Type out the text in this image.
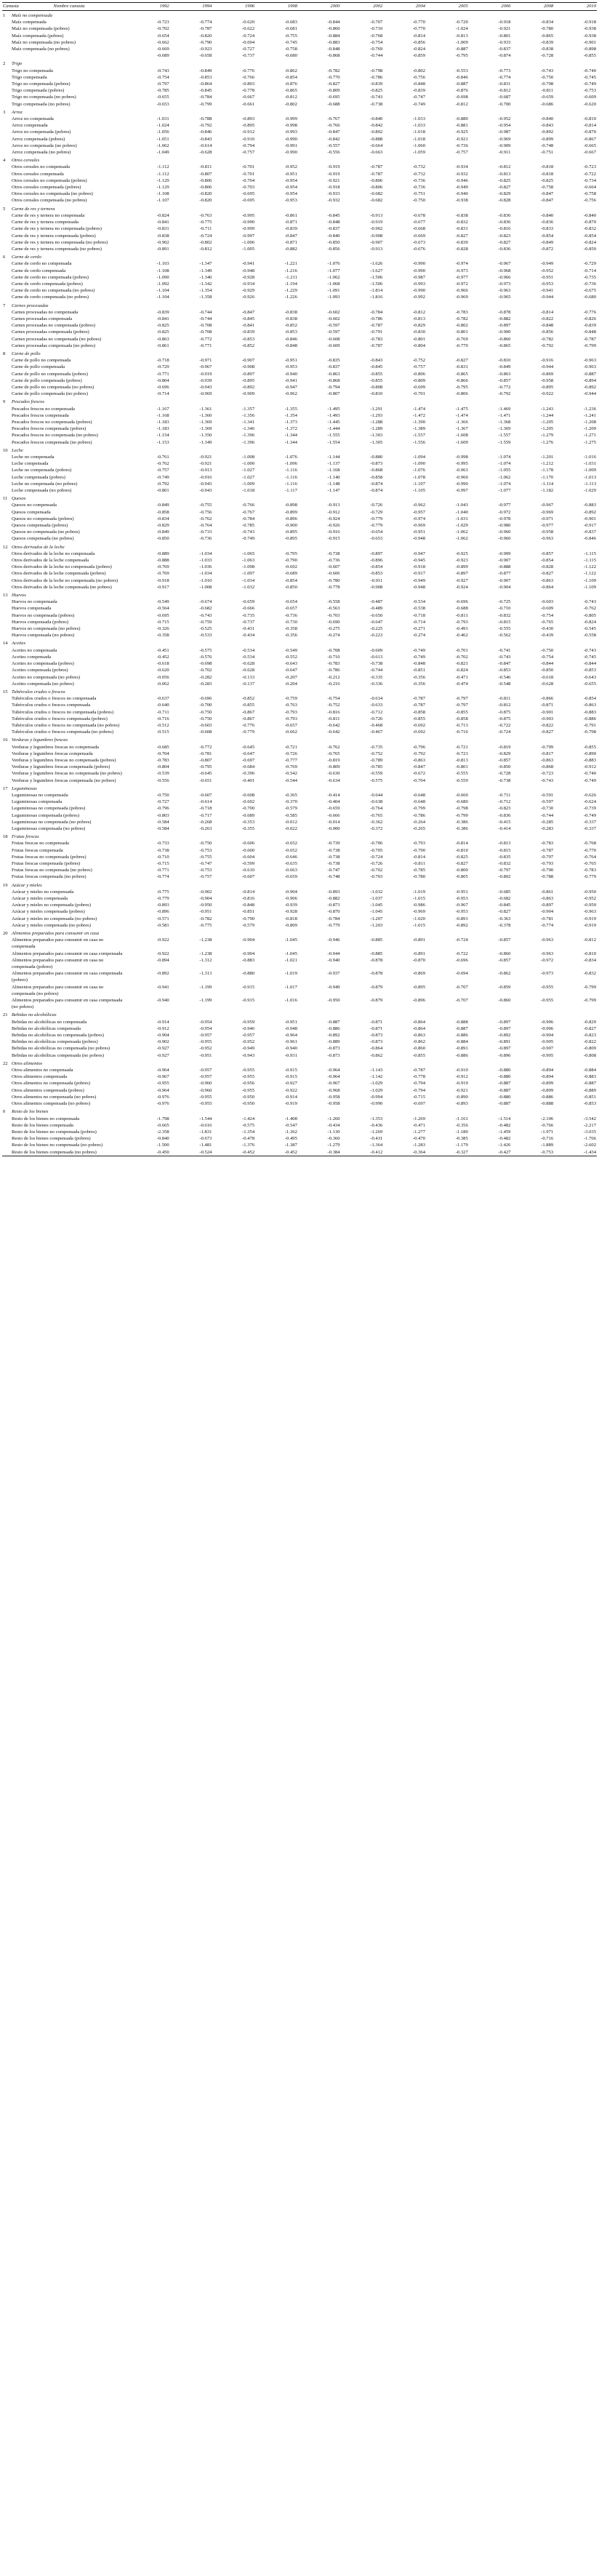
Canasta	Nombre canasta	1992	1994	1996	1998	2000	2002	2004	2005	2006	2008	2010
1	Maíz no compensada											
	Maíz compensada	-0.723	-0.774	-0.620	-0.683	-0.844	-0.707	-0.770	-0.720	-0.918	-0.834	-0.918
	Maíz no compensada (pobres)	-0.702	-0.787	-0.622	-0.681	-0.860	-0.710	-0.770	-1.024	-0.921	-0.780	-0.938
	Maíz compensada (pobres)	-0.654	-0.820	-0.724	-0.755	-0.884	-0.768	-0.814	-0.813	-0.801	-0.865	-0.938
	Maíz no compensada (no pobres)	-0.662	-0.790	-0.694	-0.745	-0.883	-0.754	-0.856	-1.009	-0.933	-0.839	-0.901
	Maíz compensada (no pobres)	-0.669	-0.923	-0.727	-0.758	-0.848	-0.769	-0.824	-0.887	-0.837	-0.838	-0.898
		-0.689	-0.658	-0.737	-0.680	-0.868	-0.744	-0.859	-0.795	-0.874	-0.728	-0.855
2	Trigo											
	Trigo no compensada	-0.743	-0.849	-0.776	-0.862	-0.782	-0.798	-0.802	-0.553	-0.773	-0.743	-0.740
	Trigo compensada	-0.754	-0.853	-0.766	-0.854	-0.770	-0.786	-0.756	-0.846	-0.774	-0.750	-0.745
	Trigo no compensada (pobres)	-0.797	-0.864	-0.803	-0.876	-0.827	-0.839	-0.848	-0.887	-0.831	-0.798	-0.749
	Trigo compensada (pobres)	-0.785	-0.845	-0.778	-0.865	-0.809	-0.825	-0.839	-0.876	-0.812	-0.811	-0.753
	Trigo no compensada (no pobres)	-0.655	-0.784	-0.667	-0.812	-0.695	-0.743	-0.747	-0.698	-0.687	-0.659	-0.609
	Trigo compensada (no pobres)	-0.653	-0.799	-0.661	-0.802	-0.688	-0.738	-0.749	-0.812	-0.700	-0.686	-0.620
3	Arroz											
	Arroz no compensada	-1.031	-0.788	-0.893	-0.999	-0.767	-0.840	-1.033	-0.880	-0.952	-0.840	-0.810
	Arroz compensada	-1.024	-0.792	-0.895	-0.998	-0.766	-0.842	-1.033	-0.881	-0.954	-0.843	-0.814
	Arroz no compensada (pobres)	-1.056	-0.846	-0.912	-0.993	-0.847	-0.892	-1.018	-0.925	-0.987	-0.892	-0.870
	Arroz compensada (pobres)	-1.051	-0.843	-0.910	-0.990	-0.842	-0.888	-1.018	-0.921	-0.969	-0.899	-0.867
	Arroz no compensada (no pobres)	-1.062	-0.614	-0.794	-0.991	-0.557	-0.664	-1.060	-0.736	-0.909	-0.748	-0.665
	Arroz compensada (no pobres)	-1.049	-0.628	-0.757	-0.990	-0.556	-0.663	-1.059	-0.757	-0.911	-0.751	-0.667
4	Otros cereales											
	Otros cereales no compensada	-1.112	-0.811	-0.701	-0.952	-0.919	-0.787	-0.732	-0.934	-0.812	-0.818	-0.723
	Otros cereales compensada	-1.112	-0.807	-0.701	-0.951	-0.919	-0.787	-0.732	-0.932	-0.813	-0.818	-0.722
	Otros cereales no compensada (pobres)	-1.129	-0.806	-0.704	-0.954	-0.921	-0.806	-0.736	-0.946	-0.825	-0.825	-0.734
	Otros cereales compensada (pobres)	-1.129	-0.806	-0.703	-0.954	-0.918	-0.806	-0.736	-0.949	-0.827	-0.758	-0.664
	Otros cereales no compensada (no pobres)	-1.108	-0.820	-0.695	-0.954	-0.933	-0.682	-0.751	-0.940	-0.829	-0.847	-0.758
	Otros cereales compensada (no pobres)	-1.107	-0.820	-0.695	-0.953	-0.932	-0.682	-0.750	-0.938	-0.828	-0.847	-0.756
5	Carne de res y ternera											
	Carne de res y ternera no compensada	-0.824	-0.763	-0.995	-0.861	-0.845	-0.913	-0.678	-0.838	-0.836	-0.840	-0.840
	Carne de res y ternera compensada	-0.841	-0.775	-0.990	-0.871	-0.848	-0.919	-0.677	-0.832	-0.836	-0.836	-0.870
	Carne de res y ternera no compensada (pobres)	-0.831	-0.711	-0.999	-0.839	-0.837	-0.902	-0.668	-0.831	-0.816	-0.833	-0.832
	Carne de res y ternera compensada (pobres)	-0.838	-0.724	-0.997	-0.847	-0.840	-0.908	-0.669	-0.827	-0.823	-0.854	-0.854
	Carne de res y ternera no compensada (no pobres)	-0.902	-0.802	-1.006	-0.871	-0.850	-0.907	-0.673	-0.830	-0.827	-0.849	-0.824
	Carne de res y ternera compensada (no pobres)	-0.891	-0.812	-1.005	-0.882	-0.856	-0.913	-0.676	-0.828	-0.836	-0.872	-0.850
6	Carne de cerdo											
	Carne de cerdo no compensada	-1.103	-1.347	-0.941	-1.221	-1.076	-1.626	-0.990	-0.974	-0.967	-0.949	-0.729
	Carne de cerdo compensada	-1.108	-1.349	-0.948	-1.216	-1.077	-1.627	-0.990	-0.973	-0.968	-0.952	-0.714
	Carne de cerdo no compensada (pobres)	-1.090	-1.340	-0.928	-1.211	-1.062	-1.506	-0.987	-0.977	-0.966	-0.951	-0.735
	Carne de cerdo compensada (pobres)	-1.092	-1.342	-0.934	-1.194	-1.068	-1.506	-0.993	-0.972	-0.973	-0.953	-0.736
	Carne de cerdo no compensada (no pobres)	-1.104	-1.354	-0.929	-1.229	-1.091	-1.814	-0.990	-0.966	-0.963	-0.941	-0.675
	Carne de cerdo compensada (no pobres)	-1.104	-1.358	-0.926	-1.226	-1.093	-1.816	-0.992	-0.969	-0.965	-0.944	-0.680
7	Carnes procesadas											
	Carnes procesadas no compensada	-0.839	-0.744	-0.847	-0.838	-0.602	-0.784	-0.812	-0.783	-0.878	-0.814	-0.776
	Carnes procesadas compensada	-0.841	-0.744	-0.845	-0.838	-0.602	-0.786	-0.813	-0.782	-0.882	-0.822	-0.826
	Carnes procesadas no compensada (pobres)	-0.825	-0.708	-0.841	-0.852	-0.597	-0.787	-0.829	-0.802	-0.897	-0.848	-0.839
	Carnes procesadas compensada (pobres)	-0.825	-0.708	-0.839	-0.853	-0.597	-0.791	-0.830	-0.801	-0.900	-0.856	-0.848
	Carnes procesadas no compensada (no pobres)	-0.863	-0.772	-0.853	-0.846	-0.608	-0.783	-0.801	-0.769	-0.860	-0.782	-0.787
	Carnes procesadas compensada (no pobres)	-0.861	-0.771	-0.852	-0.848	-0.609	-0.787	-0.804	-0.770	-0.865	-0.792	-0.799
8	Carne de pollo											
	Carne de pollo no compensada	-0.718	-0.971	-0.907	-0.951	-0.835	-0.843	-0.752	-0.827	-0.810	-0.916	-0.963
	Carne de pollo compensada	-0.729	-0.967	-0.908	-0.953	-0.837	-0.845	-0.757	-0.831	-0.849	-0.944	-0.963
	Carne de pollo no compensada (pobres)	-0.771	-0.919	-0.897	-0.940	-0.863	-0.855	-0.806	-0.865	-0.863	-0.869	-0.887
	Carne de pollo compensada (pobres)	-0.804	-0.939	-0.895	-0.941	-0.868	-0.855	-0.809	-0.866	-0.857	-0.958	-0.894
	Carne de pollo no compensada (no pobres)	-0.696	-0.943	-0.892	-0.947	-0.794	-0.808	-0.699	-0.795	-0.772	-0.895	-0.892
	Carne de pollo compensada (no pobres)	-0.714	-0.969	-0.909	-0.962	-0.807	-0.810	-0.701	-0.806	-0.792	-0.922	-0.944
9	Pescados frescos											
	Pescados frescos no compensada	-1.167	-1.361	-1.357	-1.355	-1.495	-1.291	-1.474	-1.475	-1.469	-1.243	-1.236
	Pescados frescos compensada	-1.168	-1.360	-1.356	-1.354	-1.493	-1.293	-1.472	-1.474	-1.471	-1.244	-1.241
	Pescados frescos no compensada (pobres)	-1.183	-1.369	-1.341	-1.373	-1.445	-1.288	-1.390	-1.366	-1.368	-1.205	-1.208
	Pescados frescos compensada (pobres)	-1.183	-1.369	-1.346	-1.372	-1.444	-1.289	-1.389	-1.367	-1.369	-1.205	-1.209
	Pescados frescos no compensada (no pobres)	-1.154	-1.350	-1.396	-1.344	-1.555	-1.303	-1.557	-1.608	-1.557	-1.279	-1.271
	Pescados frescos compensada (no pobres)	-1.153	-1.349	-1.396	-1.344	-1.554	-1.305	-1.556	-1.609	-1.559	-1.276	-1.275
10	Leche											
	Leche no compensada	-0.761	-0.921	-1.008	-1.076	-1.144	-0.880	-1.094	-0.998	-1.074	-1.201	-1.016
	Leche compensada	-0.762	-0.921	-1.000	-1.096	-1.137	-0.873	-1.090	-0.995	-1.074	-1.212	-1.031
	Leche no compensada (pobres)	-0.757	-0.913	-1.027	-1.116	-1.168	-0.868	-1.076	-0.963	-1.055	-1.178	-1.009
	Leche compensada (pobres)	-0.749	-0.916	-1.027	-1.116	-1.140	-0.858	-1.078	-0.960	-1.062	-1.170	-1.013
	Leche no compensada (no pobres)	-0.792	-0.943	-1.009	-1.116	-1.148	-0.874	-1.107	-0.990	-1.074	-1.114	-1.113
	Leche compensada (no pobres)	-0.801	-0.943	-1.018	-1.117	-1.147	-0.874	-1.105	-0.997	-1.077	-1.182	-1.029
11	Quesos											
	Quesos no compensada	-0.849	-0.755	-0.766	-0.898	-0.913	-0.726	-0.962	-1.043	-0.977	-0.967	-0.883
	Quesos compensada	-0.858	-0.756	-0.767	-0.899	-0.912	-0.729	-0.957	-1.040	-0.972	-0.969	-0.892
	Quesos no compensada (pobres)	-0.834	-0.762	-0.784	-0.896	-0.924	-0.779	-0.974	-1.031	-0.978	-0.971	-0.901
	Quesos compensada (pobres)	-0.829	-0.764	-0.785	-0.900	-0.926	-0.779	-0.969	-1.029	-0.980	-0.977	-0.917
	Quesos no compensada (no pobres)	-0.849	-0.733	-0.743	-0.895	-0.916	-0.654	-0.951	-1.062	-0.960	-0.958	-0.837
	Quesos compensada (no pobres)	-0.850	-0.736	-0.749	-0.895	-0.915	-0.653	-0.948	-1.062	-0.960	-0.963	-0.846
12	Otros derivados de la leche											
	Otros derivados de la leche no compensada	-0.889	-1.034	-1.065	-0.795	-0.738	-0.897	-0.947	-0.925	-0.909	-0.857	-1.115
	Otros derivados de la leche compensada	-0.888	-1.033	-1.063	-0.790	-0.736	-0.896	-0.945	-0.923	-0.907	-0.854	-1.115
	Otros derivados de la leche no compensada (pobres)	-0.769	-1.036	-1.098	-0.692	-0.607	-0.854	-0.918	-0.899	-0.888	-0.828	-1.122
	Otros derivados de la leche compensada (pobres)	-0.769	-1.034	-1.097	-0.689	-0.606	-0.853	-0.917	-0.897	-0.877	-0.827	-1.122
	Otros derivados de la leche no compensada (no pobres)	-0.918	-1.010	-1.034	-0.854	-0.780	-0.911	-0.949	-0.927	-0.907	-0.863	-1.109
	Otros derivados de la leche compensada (no pobres)	-0.917	-1.008	-1.032	-0.850	-0.778	-0.908	-0.948	-0.924	-0.904	-0.864	-1.109
13	Huevos											
	Huevos no compensada	-0.549	-0.674	-0.659	-0.654	-0.558	-0.487	-0.534	-0.696	-0.725	-0.603	-0.743
	Huevos compensada	-0.564	-0.682	-0.666	-0.657	-0.563	-0.489	-0.538	-0.688	-0.710	-0.609	-0.762
	Huevos no compensada (pobres)	-0.695	-0.743	-0.735	-0.736	-0.703	-0.650	-0.718	-0.811	-0.832	-0.754	-0.805
	Huevos compensada (pobres)	-0.715	-0.759	-0.737	-0.730	-0.690	-0.647	-0.714	-0.793	-0.815	-0.765	-0.824
	Huevos no compensada (no pobres)	-0.326	-0.525	-0.431	-0.358	-0.275	-0.225	-0.271	-0.491	-0.555	-0.430	-0.545
	Huevos compensada (no pobres)	-0.358	-0.533	-0.434	-0.356	-0.274	-0.223	-0.274	-0.462	-0.562	-0.439	-0.558
14	Aceites											
	Aceites no compensada	-0.451	-0.575	-0.534	-0.549	-0.708	-0.609	-0.749	-0.701	-0.741	-0.750	-0.743
	Aceites compensada	-0.452	-0.576	-0.534	-0.552	-0.710	-0.613	-0.749	-0.702	-0.743	-0.754	-0.745
	Aceites no compensada (pobres)	-0.618	-0.698	-0.628	-0.643	-0.783	-0.738	-0.848	-0.821	-0.847	-0.844	-0.844
	Aceites compensada (pobres)	-0.620	-0.702	-0.628	-0.647	-0.786	-0.744	-0.851	-0.824	-0.853	-0.850	-0.853
	Aceites no compensada (no pobres)	-0.056	-0.282	-0.133	-0.207	-0.212	-0.335	-0.356	-0.471	-0.546	-0.618	-0.643
	Aceites compensada (no pobres)	-0.062	-0.283	-0.137	-0.204	-0.216	-0.336	-0.356	-0.474	-0.548	-0.628	-0.655
15	Tubérculos crudos o frescos											
	Tubérculos crudos o frescos no compensada	-0.637	-0.696	-0.852	-0.759	-0.754	-0.634	-0.787	-0.797	-0.811	-0.866	-0.854
	Tubérculos crudos o frescos compensada	-0.640	-0.700	-0.855	-0.763	-0.752	-0.633	-0.787	-0.797	-0.812	-0.871	-0.863
	Tubérculos crudos o frescos no compensada (pobres)	-0.711	-0.750	-0.867	-0.793	-0.816	-0.712	-0.858	-0.855	-0.875	-0.901	-0.883
	Tubérculos crudos o frescos compensada (pobres)	-0.716	-0.750	-0.867	-0.793	-0.811	-0.726	-0.855	-0.858	-0.875	-0.903	-0.886
	Tubérculos crudos o frescos no compensada (no pobres)	-0.512	-0.603	-0.776	-0.657	-0.642	-0.468	-0.692	-0.713	-0.722	-0.822	-0.791
	Tubérculos crudos o frescos compensada (no pobres)	-0.515	-0.608	-0.779	-0.662	-0.642	-0.467	-0.692	-0.716	-0.724	-0.827	-0.798
16	Verduras y legumbres frescas											
	Verduras y legumbres frescas no compensada	-0.685	-0.772	-0.645	-0.721	-0.762	-0.735	-0.796	-0.721	-0.819	-0.799	-0.855
	Verduras y legumbres frescas compensada	-0.704	-0.781	-0.647	-0.726	-0.765	-0.752	-0.792	-0.723	-0.829	-0.817	-0.890
	Verduras y legumbres frescas no compensada (pobres)	-0.783	-0.807	-0.697	-0.777	-0.819	-0.789	-0.863	-0.813	-0.857	-0.863	-0.883
	Verduras y legumbres frescas compensada (pobres)	-0.804	-0.795	-0.684	-0.769	-0.809	-0.785	-0.847	-0.801	-0.850	-0.868	-0.912
	Verduras y legumbres frescas no compensada (no pobres)	-0.539	-0.645	-0.396	-0.542	-0.630	-0.559	-0.672	-0.555	-0.728	-0.723	-0.740
	Verduras y legumbres frescas compensada (no pobres)	-0.556	-0.651	-0.401	-0.544	-0.634	-0.575	-0.704	-0.559	-0.738	-0.743	-0.749
17	Leguminosas											
	Leguminosas no compensada	-0.750	-0.607	-0.608	-0.365	-0.414	-0.644	-0.648	-0.660	-0.711	-0.591	-0.626
	Leguminosas compensada	-0.727	-0.614	-0.602	-0.370	-0.404	-0.638	-0.648	-0.680	-0.712	-0.597	-0.624
	Leguminosas no compensada (pobres)	-0.796	-0.718	-0.700	-0.579	-0.659	-0.764	-0.799	-0.798	-0.823	-0.730	-0.739
	Leguminosas compensada (pobres)	-0.803	-0.717	-0.689	-0.585	-0.666	-0.765	-0.786	-0.799	-0.836	-0.744	-0.749
	Leguminosas no compensada (no pobres)	-0.584	-0.268	-0.353	-0.012	-0.014	-0.362	-0.264	-0.386	-0.415	-0.285	-0.337
	Leguminosas compensada (no pobres)	-0.584	-0.263	-0.355	-0.022	-0.000	-0.372	-0.265	-0.386	-0.414	-0.283	-0.337
18	Frutas frescas											
	Frutas frescas no compensada	-0.733	-0.750	-0.606	-0.652	-0.739	-0.706	-0.793	-0.814	-0.813	-0.783	-0.768
	Frutas frescas compensada	-0.738	-0.753	-0.600	-0.652	-0.738	-0.705	-0.790	-0.810	-0.815	-0.787	-0.770
	Frutas frescas no compensada (pobres)	-0.710	-0.755	-0.604	-0.646	-0.738	-0.724	-0.814	-0.825	-0.835	-0.797	-0.764
	Frutas frescas compensada (pobres)	-0.715	-0.747	-0.599	-0.635	-0.738	-0.726	-0.811	-0.827	-0.832	-0.793	-0.765
	Frutas frescas no compensada (no pobres)	-0.771	-0.753	-0.610	-0.663	-0.747	-0.702	-0.785	-0.800	-0.797	-0.790	-0.783
	Frutas frescas compensada (no pobres)	-0.774	-0.757	-0.607	-0.659	-0.748	-0.703	-0.780	-0.805	-0.802	-0.788	-0.779
19	Azúcar y mieles											
	Azúcar y mieles no compensada	-0.775	-0.902	-0.814	-0.904	-0.893	-1.032	-1.019	-0.951	-0.685	-0.861	-0.950
	Azúcar y mieles compensada	-0.779	-0.904	-0.816	-0.906	-0.882	-1.037	-1.015	-0.953	-0.682	-0.863	-0.952
	Azúcar y mieles no compensada (pobres)	-0.893	-0.950	-0.848	-0.939	-0.873	-1.045	-0.986	-0.967	-0.845	-0.897	-0.950
	Azúcar y mieles compensada (pobres)	-0.896	-0.951	-0.851	-0.928	-0.870	-1.045	-0.969	-0.953	-0.827	-0.904	-0.963
	Azúcar y mieles no compensada (no pobres)	-0.571	-0.782	-0.790	-0.818	-0.784	-1.207	-1.020	-0.891	-0.363	-0.781	-0.919
	Azúcar y mieles compensada (no pobres)	-0.581	-0.775	-0.579	-0.809	-0.779	-1.203	-1.015	-0.892	-0.378	-0.774	-0.919
20	Alimentos preparados para consumir en casa											
	Alimentos preparados para consumir en casa no compensada	-0.922	-1.238	-0.904	-1.045	-0.946	-0.885	-0.891	-0.724	-0.857	-0.963	-0.812
	Alimentos preparados para consumir en casa compensada	-0.922	-1.238	-0.904	-1.045	-0.944	-0.885	-0.891	-0.722	-0.860	-0.963	-0.810
	Alimentos preparados para consumir en casa no compensada (pobres)	-0.894	-1.312	-0.883	-1.021	-0.940	-0.878	-0.870	-0.696	-0.857	-0.972	-0.834
	Alimentos preparados para consumir en casa compensada (pobres)	-0.892	-1.313	-0.880	-1.019	-0.937	-0.878	-0.869	-0.694	-0.862	-0.973	-0.832
	Alimentos preparados para consumir en casa no compensada (no pobres)	-0.941	-1.199	-0.915	-1.017	-0.949	-0.879	-0.895	-0.707	-0.859	-0.955	-0.799
	Alimentos preparados para consumir en casa compensada (no pobres)	-0.940	-1.199	-0.915	-1.016	-0.950	-0.879	-0.896	-0.707	-0.860	-0.955	-0.799
21	Bebidas no alcohólicas											
	Bebidas no alcohólicas no compensada	-0.914	-0.954	-0.959	-0.951	-0.887	-0.871	-0.864	-0.888	-0.897	-0.906	-0.829
	Bebidas no alcohólicas compensada	-0.912	-0.954	-0.946	-0.948	-0.886	-0.871	-0.864	-0.887	-0.897	-0.906	-0.827
	Bebidas no alcohólicas no compensada (pobres)	-0.904	-0.957	-0.957	-0.964	-0.892	-0.873	-0.863	-0.886	-0.892	-0.904	-0.823
	Bebidas no alcohólicas compensada (pobres)	-0.902	-0.955	-0.952	-0.961	-0.889	-0.873	-0.862	-0.884	-0.891	-0.905	-0.822
	Bebidas no alcohólicas no compensada (no pobres)	-0.927	-0.952	-0.949	-0.940	-0.873	-0.864	-0.860	-0.891	-0.897	-0.907	-0.809
	Bebidas no alcohólicas compensada (no pobres)	-0.927	-0.951	-0.943	-0.931	-0.873	-0.862	-0.855	-0.886	-0.896	-0.905	-0.808
22	Otros alimentos											
	Otros alimentos no compensada	-0.964	-0.957	-0.955	-0.915	-0.964	-1.143	-0.787	-0.910	-0.880	-0.894	-0.884
	Otros alimentos compensada	-0.967	-0.957	-0.955	-0.915	-0.964	-1.142	-0.778	-0.912	-0.880	-0.894	-0.883
	Otros alimentos no compensada (pobres)	-0.955	-0.960	-0.956	-0.927	-0.967	-1.029	-0.794	-0.919	-0.887	-0.899	-0.887
	Otros alimentos compensada (pobres)	-0.964	-0.960	-0.955	-0.922	-0.968	-1.029	-0.794	-0.921	-0.887	-0.899	-0.889
	Otros alimentos no compensada (no pobres)	-0.976	-0.955	-0.950	-0.914	-0.958	-0.994	-0.715	-0.890	-0.880	-0.886	-0.851
	Otros alimentos compensada (no pobres)	-0.976	-0.955	-0.950	-0.919	-0.958	-0.990	-0.697	-0.893	-0.887	-0.888	-0.853
0	Resto de los bienes											
	Resto de los bienes no compensada	-1.798	-1.544	-1.424	-1.408	-1.260	-1.353	-1.269	-1.161	-1.514	-2.106	-3.542
	Resto de los bienes compensada	-0.665	-0.616	-0.575	-0.547	-0.434	-0.436	-0.471	-0.356	-0.482	-0.766	-2.217
	Resto de los bienes no compensada (pobres)	-2.358	-1.831	-1.354	-1.362	-1.130	-1.269	-1.277	-1.180	-1.459	-1.971	-3.035
	Resto de los bienes compensada (pobres)	-0.840	-0.673	-0.478	-0.495	-0.360	-0.431	-0.470	-0.385	-0.482	-0.716	-1.766
	Resto de los bienes no compensada (no pobres)	-1.500	-1.481	-1.376	-1.387	-1.279	-1.364	-1.283	-1.179	-1.426	-1.889	-2.602
	Resto de los bienes compensada (no pobres)	-0.450	-0.524	-0.452	-0.452	-0.384	-0.412	-0.364	-0.327	-0.427	-0.753	-1.434
